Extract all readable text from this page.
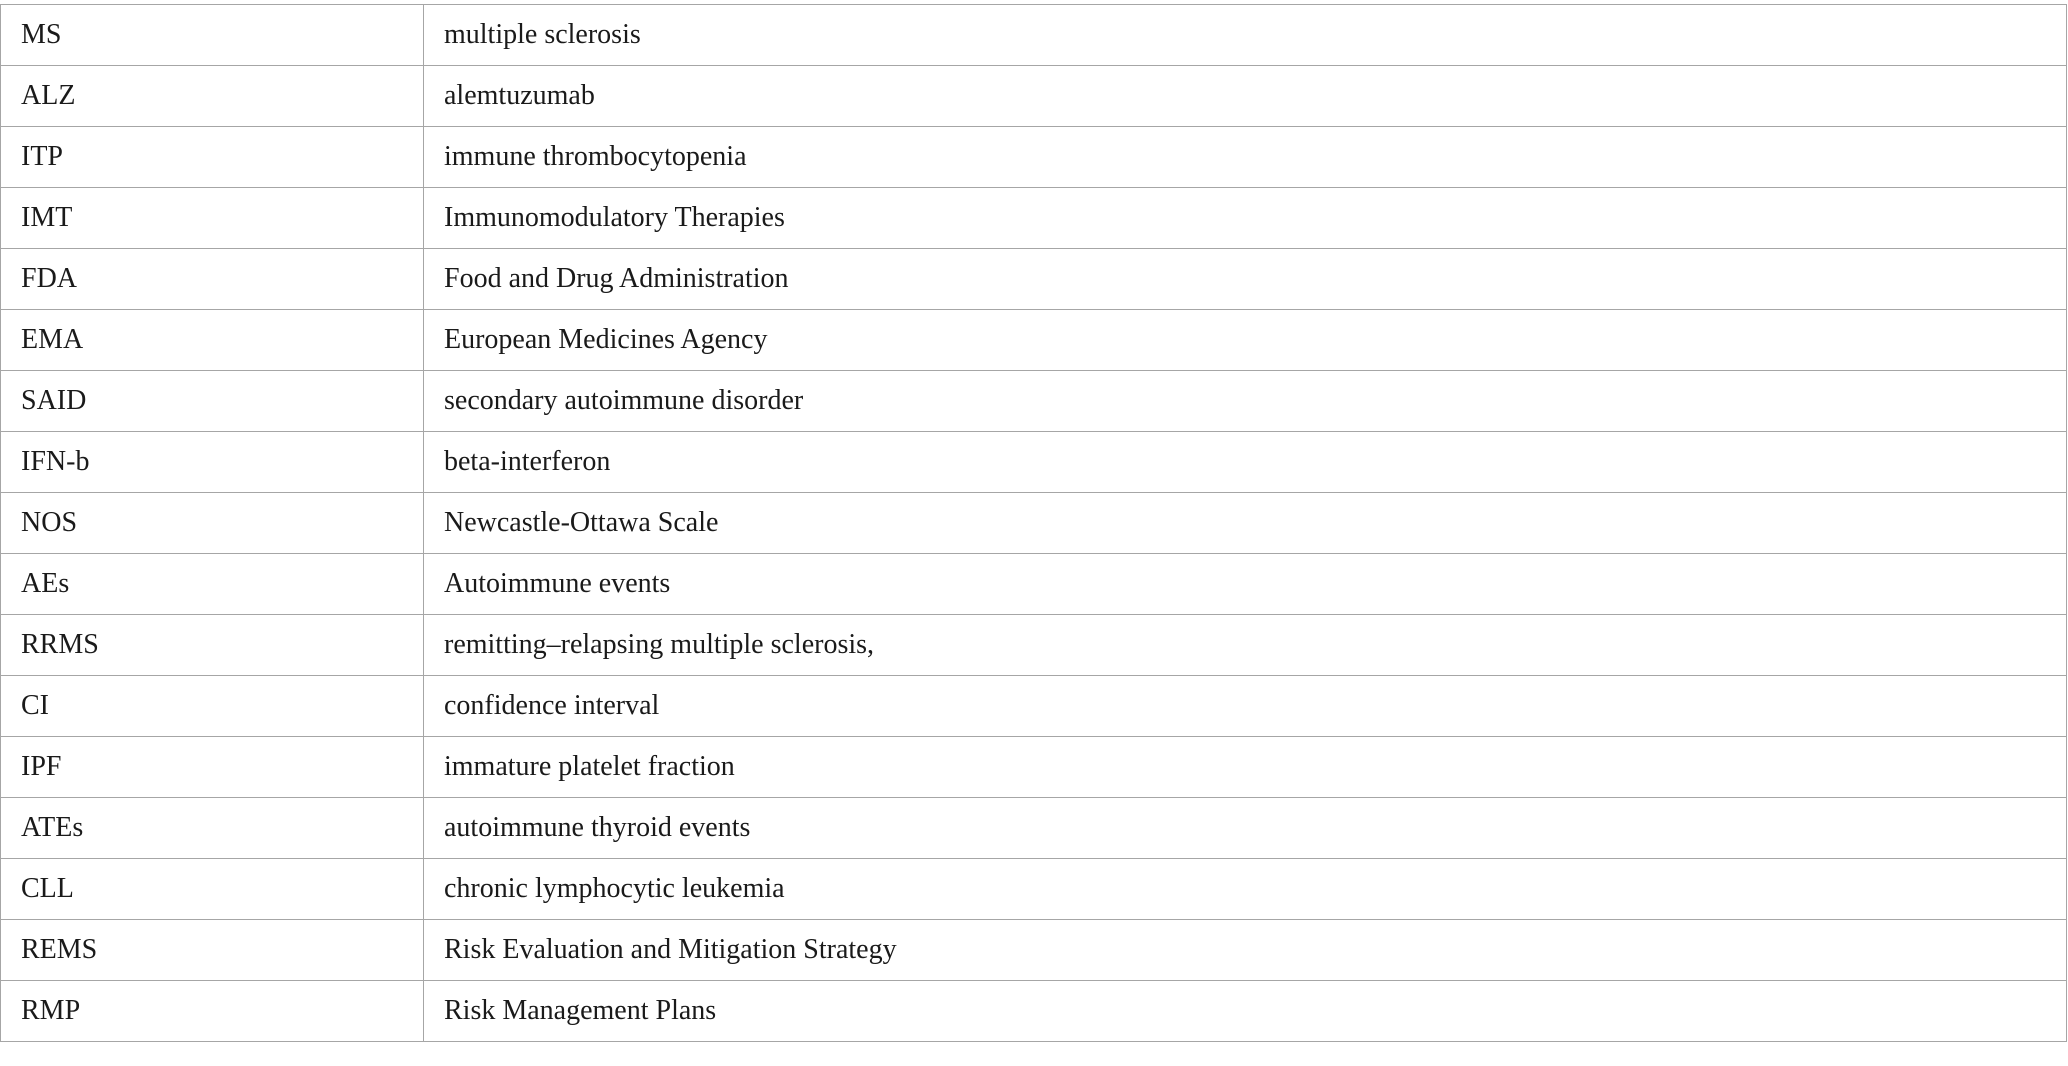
MS	multiple sclerosis
ALZ	alemtuzumab
ITP	immune thrombocytopenia
IMT	Immunomodulatory Therapies
FDA	Food and Drug Administration
EMA	European Medicines Agency
SAID	secondary autoimmune disorder
IFN-b	beta-interferon
NOS	Newcastle-Ottawa Scale
AEs	Autoimmune events
RRMS	remitting–relapsing multiple sclerosis,
CI	confidence interval
IPF	immature platelet fraction
ATEs	autoimmune thyroid events
CLL	chronic lymphocytic leukemia
REMS	Risk Evaluation and Mitigation Strategy
RMP	Risk Management Plans
